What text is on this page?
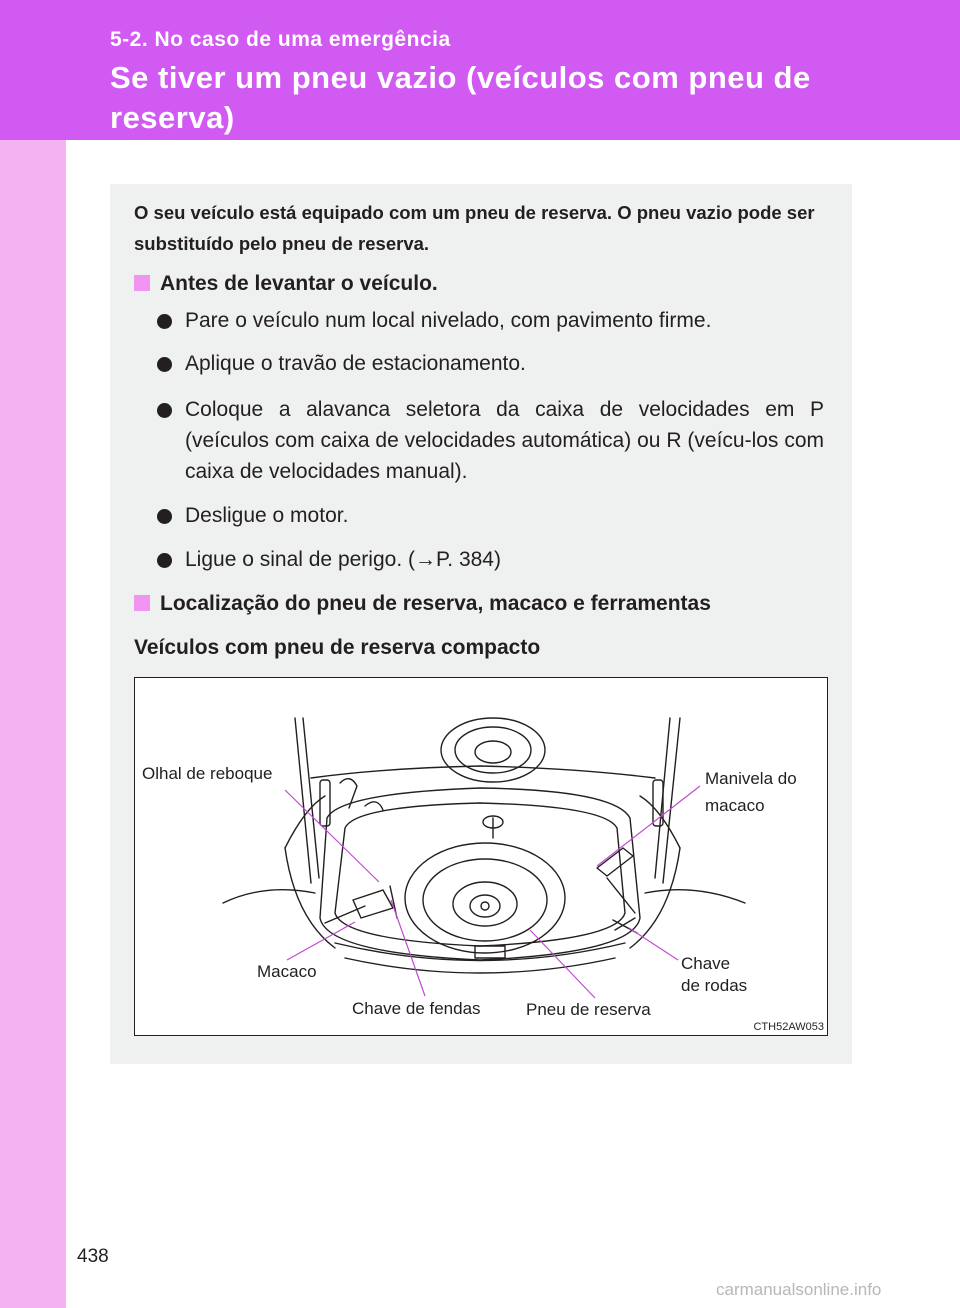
5-2. No caso de uma emergência

Se tiver um pneu vazio (veículos com pneu de reserva)

O seu veículo está equipado com um pneu de reserva. O pneu vazio pode ser substituído pelo pneu de reserva.

Antes de levantar o veículo.

Pare o veículo num local nivelado, com pavimento firme.
Aplique o travão de estacionamento.
Coloque a alavanca seletora da caixa de velocidades em P (veículos com caixa de velocidades automática) ou R (veícu-los com caixa de velocidades manual).
Desligue o motor.
Ligue o sinal de perigo. (→P. 384)

Localização do pneu de reserva, macaco e ferramentas

Veículos com pneu de reserva compacto

Olhal de reboque	Manivela do
macaco
Macaco	Chave
de rodas
Chave de fendas	Pneu de reserva
CTH52AW053
438
carmanualsonline.info
